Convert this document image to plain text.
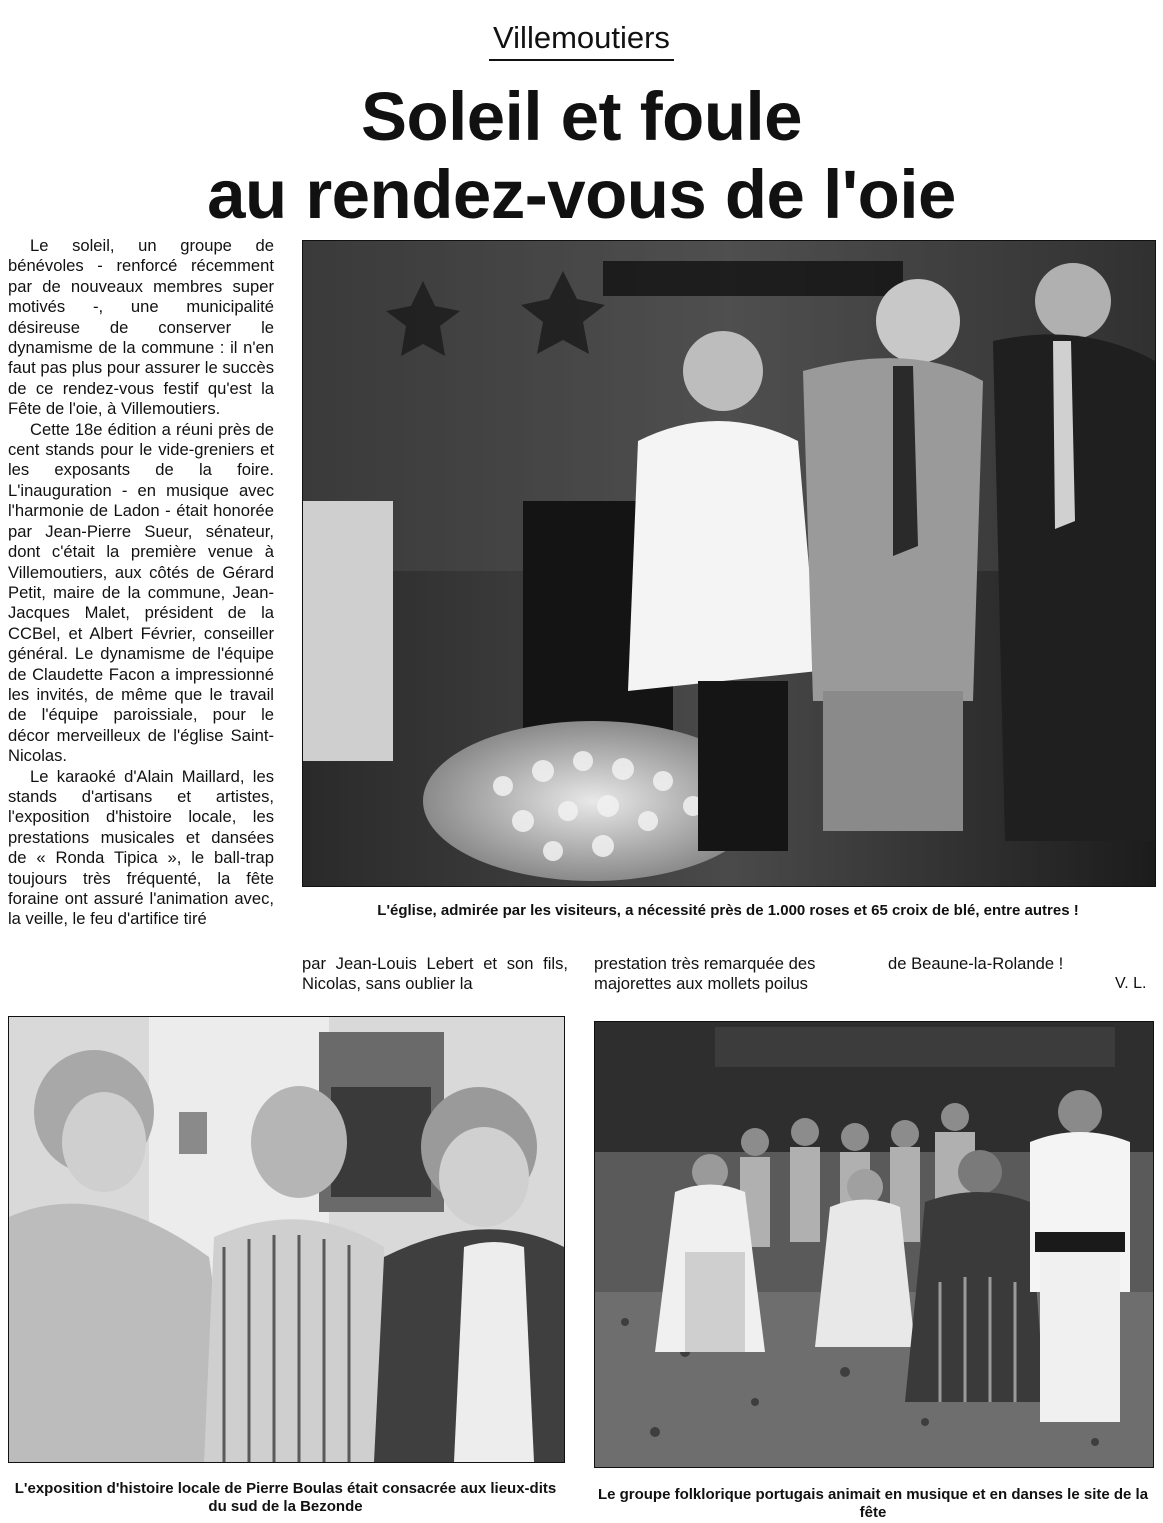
Villemoutiers
Soleil et foule
au rendez-vous de l'oie

Le soleil, un groupe de bénévoles - renforcé récemment par de nouveaux membres super motivés -, une municipalité désireuse de conserver le dynamisme de la commune : il n'en faut pas plus pour assurer le succès de ce rendez-vous festif qu'est la Fête de l'oie, à Villemoutiers.

Cette 18e édition a réuni près de cent stands pour le vide-greniers et les exposants de la foire. L'inauguration - en musique avec l'harmonie de Ladon - était honorée par Jean-Pierre Sueur, sénateur, dont c'était la première venue à Villemoutiers, aux côtés de Gérard Petit, maire de la commune, Jean-Jacques Malet, président de la CCBel, et Albert Février, conseiller général. Le dynamisme de l'équipe de Claudette Facon a impressionné les invités, de même que le travail de l'équipe paroissiale, pour le décor merveilleux de l'église Saint-Nicolas.

Le karaoké d'Alain Maillard, les stands d'artisans et artistes, l'exposition d'histoire locale, les prestations musicales et dansées de « Ronda Tipica », le ball-trap toujours très fréquenté, la fête foraine ont assuré l'animation avec, la veille, le feu d'artifice tiré	L'église, admirée par les visiteurs, a nécessité près de 1.000 roses et 65 croix de blé, entre autres !
par Jean-Louis Lebert et son fils, Nicolas, sans oublier la
prestation très remarquée des majorettes aux mollets poilus
de Beaune-la-Rolande !
V. L.
L'exposition d'histoire locale de Pierre Boulas était consacrée aux lieux-dits du sud de la Bezonde
Le groupe folklorique portugais animait en musique et en danses le site de la fête
